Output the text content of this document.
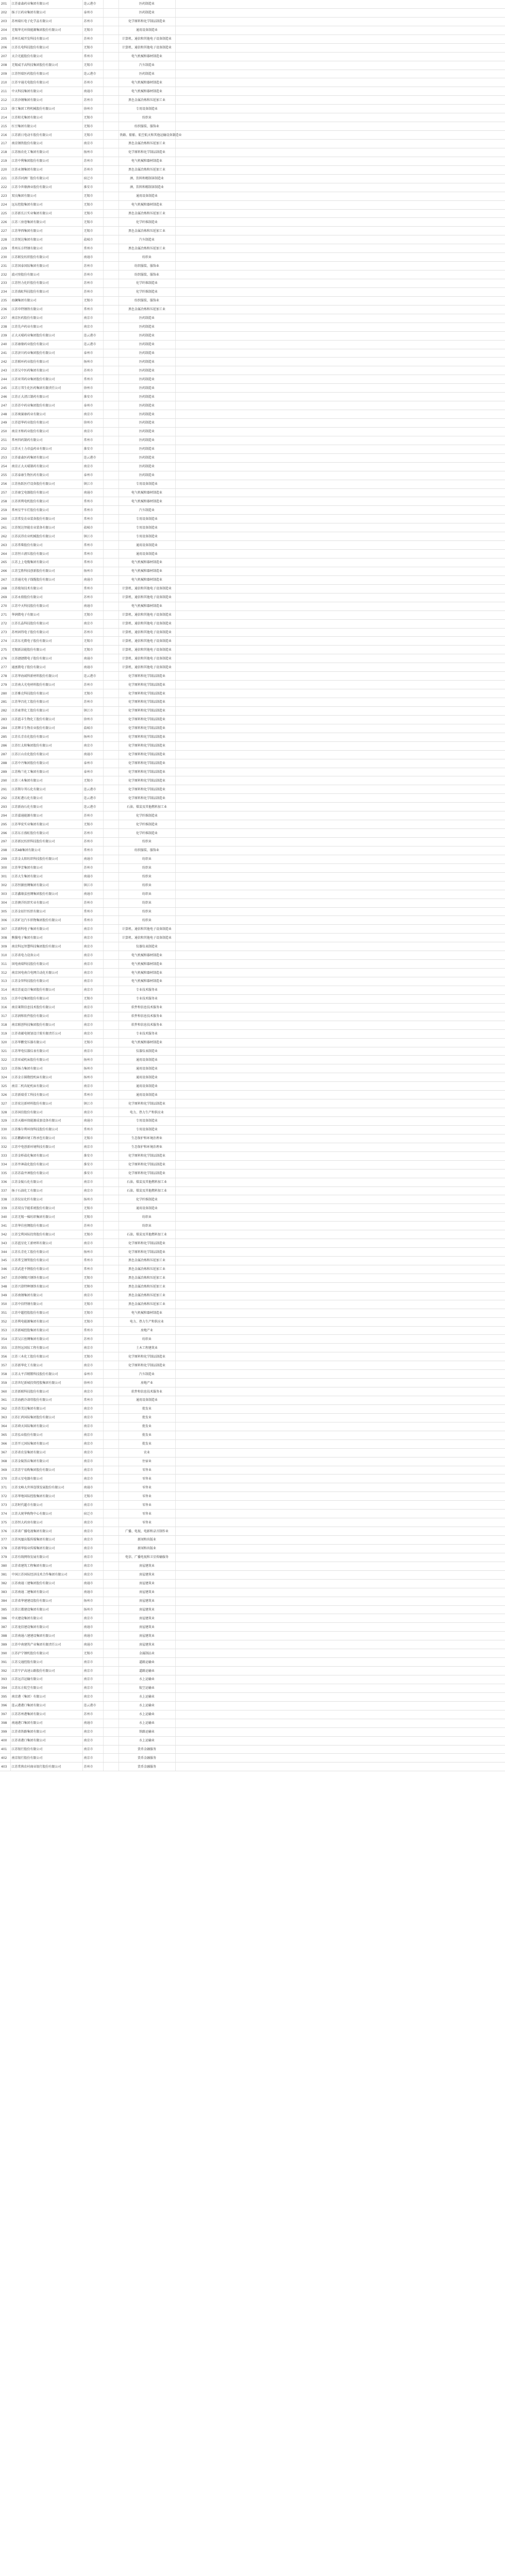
201	江苏豪森药业集团有限公司	连云港市		医药制造业	
202	扬子江药业集团有限公司	泰州市		医药制造业	
203	苏州瑞红电子化学品有限公司	苏州市		化学原料和化学制品制造业	
204	无锡华光环保能源集团股份有限公司	无锡市		通用设备制造业	
205	苏州长城开发科技有限公司	苏州市		计算机、通信和其他电子设备制造业	
206	江苏长电科技股份有限公司	无锡市		计算机、通信和其他电子设备制造业	
207	天合光能股份有限公司	常州市		电气机械和器材制造业	
208	无锡威孚高科技集团股份有限公司	无锡市		汽车制造业	
209	江苏恒瑞医药股份有限公司	连云港市		医药制造业	
210	江苏亨通光电股份有限公司	苏州市		电气机械和器材制造业	
211	中天科技集团有限公司	南通市		电气机械和器材制造业	
212	江苏沙钢集团有限公司	苏州市		黑色金属冶炼和压延加工业	
213	徐工集团工程机械股份有限公司	徐州市		专用设备制造业	
214	江苏阳光集团有限公司	无锡市		纺织业	
215	红豆集团有限公司	无锡市		纺织服装、服饰业	
216	江苏新日电动车股份有限公司	无锡市		铁路、船舶、航空航天和其他运输设备制造业	
217	南京钢铁股份有限公司	南京市		黑色金属冶炼和压延加工业	
218	江苏扬农化工集团有限公司	扬州市		化学原料和化学制品制造业	
219	江苏中利集团股份有限公司	苏州市		电气机械和器材制造业	
220	江苏永钢集团有限公司	苏州市		黑色金属冶炼和压延加工业	
221	江苏洋河酒厂股份有限公司	宿迁市		酒、饮料和精制茶制造业	
222	江苏今世缘酒业股份有限公司	淮安市		酒、饮料和精制茶制造业	
223	双良集团有限公司	无锡市		通用设备制造业	
224	远东控股集团有限公司	无锡市		电气机械和器材制造业	
225	江苏新长江实业集团有限公司	无锡市		黑色金属冶炼和压延加工业	
226	江苏三房巷集团有限公司	无锡市		化学纤维制造业	
227	江苏华西集团有限公司	无锡市		黑色金属冶炼和压延加工业	
228	江苏悦达集团有限公司	盐城市		汽车制造业	
229	常州东方特钢有限公司	常州市		黑色金属冶炼和压延加工业	
230	江苏联发纺织股份有限公司	南通市		纺织业	
231	江苏国泰国际集团有限公司	苏州市		纺织服装、服饰业	
232	波司登股份有限公司	苏州市		纺织服装、服饰业	
233	江苏恒力化纤股份有限公司	苏州市		化学纤维制造业	
234	江苏盛虹科技股份有限公司	苏州市		化学纤维制造业	
235	海澜集团有限公司	无锡市		纺织服装、服饰业	
236	江苏申特钢铁有限公司	常州市		黑色金属冶炼和压延加工业	
237	南京医药股份有限公司	南京市		医药制造业	
238	江苏先声药业有限公司	南京市		医药制造业	
239	正大天晴药业集团股份有限公司	连云港市		医药制造业	
240	江苏康缘药业股份有限公司	连云港市		医药制造业	
241	江苏济川药业集团股份有限公司	泰州市		医药制造业	
242	江苏联环药业股份有限公司	扬州市		医药制造业	
243	江苏吴中医药集团有限公司	苏州市		医药制造业	
244	江苏亚邦药业集团股份有限公司	常州市		医药制造业	
245	江苏万邦生化医药集团有限责任公司	徐州市		医药制造业	
246	江苏正大清江制药有限公司	淮安市		医药制造业	
247	江苏苏中药业集团股份有限公司	泰州市		医药制造业	
248	江苏奥赛康药业有限公司	南京市		医药制造业	
249	江苏恩华药业股份有限公司	徐州市		医药制造业	
250	南京圣和药业股份有限公司	南京市		医药制造业	
251	常州四药制药有限公司	常州市		医药制造业	
252	江苏天士力帝益药业有限公司	淮安市		医药制造业	
253	江苏豪森医药集团有限公司	连云港市		医药制造业	
254	南京正大天晴制药有限公司	南京市		医药制造业	
255	江苏泰康生物医药有限公司	泰州市		医药制造业	
256	江苏鱼跃医疗设备股份有限公司	镇江市		专用设备制造业	
257	江苏康宝电器股份有限公司	南通市		电气机械和器材制造业	
258	江苏雷利电机股份有限公司	常州市		电气机械和器材制造业	
259	常州星宇车灯股份有限公司	常州市		汽车制造业	
260	江苏常发农业装备股份有限公司	常州市		专用设备制造业	
261	江苏悦达智能农业装备有限公司	盐城市		专用设备制造业	
262	江苏沃得农业机械股份有限公司	镇江市		专用设备制造业	
263	江苏常柴股份有限公司	常州市		通用设备制造业	
264	江苏恒立液压股份有限公司	常州市		通用设备制造业	
265	江苏上上电缆集团有限公司	常州市		电气机械和器材制造业	
266	江苏宝胜科技创新股份有限公司	扬州市		电气机械和器材制造业	
267	江苏通光电子线缆股份有限公司	南通市		电气机械和器材制造业	
268	江苏俊知技术有限公司	常州市		计算机、通信和其他电子设备制造业	
269	江苏永鼎股份有限公司	苏州市		计算机、通信和其他电子设备制造业	
270	江苏中天科技股份有限公司	南通市		电气机械和器材制造业	
271	华润微电子有限公司	无锡市		计算机、通信和其他电子设备制造业	
272	江苏长晶科技股份有限公司	南京市		计算机、通信和其他电子设备制造业	
273	苏州固锝电子股份有限公司	苏州市		计算机、通信和其他电子设备制造业	
274	江苏东光微电子股份有限公司	无锡市		计算机、通信和其他电子设备制造业	
275	无锡新洁能股份有限公司	无锡市		计算机、通信和其他电子设备制造业	
276	江苏捷捷微电子股份有限公司	南通市		计算机、通信和其他电子设备制造业	
277	通富微电子股份有限公司	南通市		计算机、通信和其他电子设备制造业	
278	江苏华海诚科新材料股份有限公司	连云港市		化学原料和化学制品制造业	
279	江苏南大光电材料股份有限公司	苏州市		化学原料和化学制品制造业	
280	江苏雅克科技股份有限公司	无锡市		化学原料和化学制品制造业	
281	江苏华昌化工股份有限公司	苏州市		化学原料和化学制品制造业	
282	江苏索普化工股份有限公司	镇江市		化学原料和化学制品制造业	
283	江苏蓝丰生物化工股份有限公司	徐州市		化学原料和化学制品制造业	
284	江苏辉丰生物农业股份有限公司	盐城市		化学原料和化学制品制造业	
285	江苏长青农化股份有限公司	扬州市		化学原料和化学制品制造业	
286	江苏红太阳集团股份有限公司	南京市		化学原料和化学制品制造业	
287	江苏江山农化股份有限公司	南通市		化学原料和化学制品制造业	
288	江苏中丹集团股份有限公司	泰州市		化学原料和化学制品制造业	
289	江苏梅兰化工集团有限公司	泰州市		化学原料和化学制品制造业	
290	江苏三木集团有限公司	无锡市		化学原料和化学制品制造业	
291	江苏斯尔邦石化有限公司	连云港市		化学原料和化学制品制造业	
292	江苏虹港石化有限公司	连云港市		化学原料和化学制品制造业	
293	江苏新海石化有限公司	连云港市		石油、煤炭及其他燃料加工业	
294	江苏嘉通能源有限公司	苏州市		化学纤维制造业	
295	江苏华宏实业集团有限公司	无锡市		化学纤维制造业	
296	江苏东方盛虹股份有限公司	苏州市		化学纤维制造业	
297	江苏新民纺织科技股份有限公司	苏州市		纺织业	
298	江苏AB集团有限公司	常州市		纺织服装、服饰业	
299	江苏金太阳纺织科技股份有限公司	南通市		纺织业	
300	江苏华芳集团有限公司	苏州市		纺织业	
301	江苏大生集团有限公司	南通市		纺织业	
302	江苏恒源丝绸集团有限公司	镇江市		纺织业	
303	江苏鑫缘茧丝绸集团股份有限公司	南通市		纺织业	
304	江苏澳洋纺织实业有限公司	苏州市		纺织业	
305	江苏金辰针纺织有限公司	常州市		纺织业	
306	江苏旷达汽车织物集团股份有限公司	常州市		纺织业	
307	江苏新科电子集团有限公司	南京市		计算机、通信和其他电子设备制造业	
308	熊猫电子集团有限公司	南京市		计算机、通信和其他电子设备制造业	
309	南京科远智慧科技集团股份有限公司	南京市		仪器仪表制造业	
310	江苏省电力设备公司	南京市		电气机械和器材制造业	
311	国电南瑞科技股份有限公司	南京市		电气机械和器材制造业	
312	南京国电南自电网自动化有限公司	南京市		电气机械和器材制造业	
313	江苏金智科技股份有限公司	南京市		电气机械和器材制造业	
314	南京苏夏设计集团股份有限公司	南京市		专业技术服务业	
315	江苏中设集团股份有限公司	无锡市		专业技术服务业	
316	南京莱斯信息技术股份有限公司	南京市		软件和信息技术服务业	
317	江苏润和软件股份有限公司	南京市		软件和信息技术服务业	
318	南京联创科技集团股份有限公司	南京市		软件和信息技术服务业	
319	江苏省邮电规划设计院有限责任公司	南京市		专业技术服务业	
320	江苏华鹏变压器有限公司	无锡市		电气机械和器材制造业	
321	江苏华电仪器仪表有限公司	南京市		仪器仪表制造业	
322	江苏亚威机床股份有限公司	扬州市		通用设备制造业	
323	江苏扬力集团有限公司	扬州市		通用设备制造业	
324	江苏金方圆数控机床有限公司	扬州市		通用设备制造业	
325	南京二机齿轮机床有限公司	南京市		通用设备制造业	
326	江苏新瑞重工科技有限公司	常州市		通用设备制造业	
327	江苏宏达新材料股份有限公司	镇江市		化学原料和化学制品制造业	
328	江苏国信股份有限公司	南京市		电力、热力生产和供应业	
329	江苏天楹环保能源成套设备有限公司	南通市		专用设备制造业	
330	江苏维尔利环保科技股份有限公司	常州市		专用设备制造业	
331	江苏鹏鹞环境工程承包有限公司	无锡市		生态保护和环境治理业	
332	江苏中电创新环境科技有限公司	南京市		生态保护和环境治理业	
333	江苏金桥盐化集团有限公司	淮安市		化学原料和化学制品制造业	
334	江苏井神盐化股份有限公司	淮安市		化学原料和化学制品制造业	
335	江苏苏盐井神股份有限公司	淮安市		化学原料和化学制品制造业	
336	江苏金陵石化有限公司	南京市		石油、煤炭及其他燃料加工业	
337	扬子石油化工有限公司	南京市		石油、煤炭及其他燃料加工业	
338	江苏仪征化纤有限公司	扬州市		化学纤维制造业	
339	江苏双良节能系统股份有限公司	无锡市		通用设备制造业	
340	江苏无锡一棉纺织集团有限公司	无锡市		纺织业	
341	江苏华佳丝绸股份有限公司	苏州市		纺织业	
342	江苏宝利国际投资股份有限公司	无锡市		石油、煤炭及其他燃料加工业	
343	江苏蓝星化工新材料有限公司	南京市		化学原料和化学制品制造业	
344	江苏长青化工股份有限公司	扬州市		化学原料和化学制品制造业	
345	江苏常宝钢管股份有限公司	常州市		黑色金属冶炼和压延加工业	
346	江苏武进不锈股份有限公司	常州市		黑色金属冶炼和压延加工业	
347	江苏沙钢锡兴钢铁有限公司	无锡市		黑色金属冶炼和压延加工业	
348	江苏兴澄特种钢铁有限公司	无锡市		黑色金属冶炼和压延加工业	
349	江苏南钢集团有限公司	南京市		黑色金属冶炼和压延加工业	
350	江苏中信特钢有限公司	无锡市		黑色金属冶炼和压延加工业	
351	江苏中超控股股份有限公司	无锡市		电气机械和器材制造业	
352	江苏利电能源集团有限公司	无锡市		电力、热力生产和供应业	
353	江苏新城控股集团有限公司	常州市		房地产业	
354	江苏吴江丝绸集团有限公司	苏州市		纺织业	
355	江苏恒远国际工程有限公司	南京市		土木工程建筑业	
356	江苏三木化工股份有限公司	无锡市		化学原料和化学制品制造业	
357	江苏新华化工有限公司	南京市		化学原料和化学制品制造业	
358	江苏太平洋精锻科技股份有限公司	泰州市		汽车制造业	
359	江苏世纪新城投资控股集团有限公司	徐州市		房地产业	
360	江苏新联科技股份有限公司	南京市		软件和信息技术服务业	
361	江苏海鸥冷却塔股份有限公司	常州市		通用设备制造业	
362	江苏苏美达集团有限公司	南京市		批发业	
363	江苏汇鸿国际集团股份有限公司	南京市		批发业	
364	江苏舜天国际集团有限公司	南京市		批发业	
365	江苏弘业股份有限公司	南京市		批发业	
366	江苏开元国际集团有限公司	南京市		批发业	
367	江苏省农垦集团有限公司	南京市		农业	
368	江苏金陵饭店集团有限公司	南京市		住宿业	
369	江苏苏宁易购集团股份有限公司	南京市		零售业	
370	江苏五星电器有限公司	南京市		零售业	
371	江苏文峰大世界连锁发展股份有限公司	南通市		零售业	
372	江苏华地国际控股集团有限公司	无锡市		零售业	
373	江苏时代超市有限公司	南京市		零售业	
374	江苏大统华购物中心有限公司	宿迁市		零售业	
375	江苏恒大药房有限公司	南京市		零售业	
376	江苏省广播电视集团有限公司	南京市		广播、电视、电影和录音制作业	
377	江苏凤凰出版传媒集团有限公司	南京市		新闻和出版业	
378	江苏新华报业传媒集团有限公司	南京市		新闻和出版业	
379	江苏有线网络发展有限公司	南京市		电信、广播电视和卫星传输服务	
380	江苏省建筑工程集团有限公司	南京市		房屋建筑业	
381	中国江苏国际经济技术合作集团有限公司	南京市		房屋建筑业	
382	江苏南通三建集团股份有限公司	南通市		房屋建筑业	
383	江苏南通二建集团有限公司	南通市		房屋建筑业	
384	江苏省华建建设股份有限公司	扬州市		房屋建筑业	
385	江苏江都建设集团有限公司	扬州市		房屋建筑业	
386	中天建设集团有限公司	南京市		房屋建筑业	
387	江苏龙信建设集团有限公司	南通市		房屋建筑业	
388	江苏南通六建建设集团有限公司	南通市		房屋建筑业	
389	江苏中南建筑产业集团有限责任公司	南通市		房屋建筑业	
390	江苏沪宁钢机股份有限公司	无锡市		金属制品业	
391	江苏交通控股有限公司	南京市		道路运输业	
392	江苏宁沪高速公路股份有限公司	南京市		道路运输业	
393	江苏远洋运输有限公司	南京市		水上运输业	
394	江苏东方航空有限公司	南京市		航空运输业	
395	南京港（集团）有限公司	南京市		水上运输业	
396	连云港港口集团有限公司	连云港市		水上运输业	
397	江苏苏州港集团有限公司	苏州市		水上运输业	
398	南通港口集团有限公司	南通市		水上运输业	
399	江苏省铁路集团有限公司	南京市		铁路运输业	
400	江苏省港口集团有限公司	南京市		水上运输业	
401	江苏银行股份有限公司	南京市		货币金融服务	
402	南京银行股份有限公司	南京市		货币金融服务	
403	江苏常熟农村商业银行股份有限公司	苏州市		货币金融服务	
